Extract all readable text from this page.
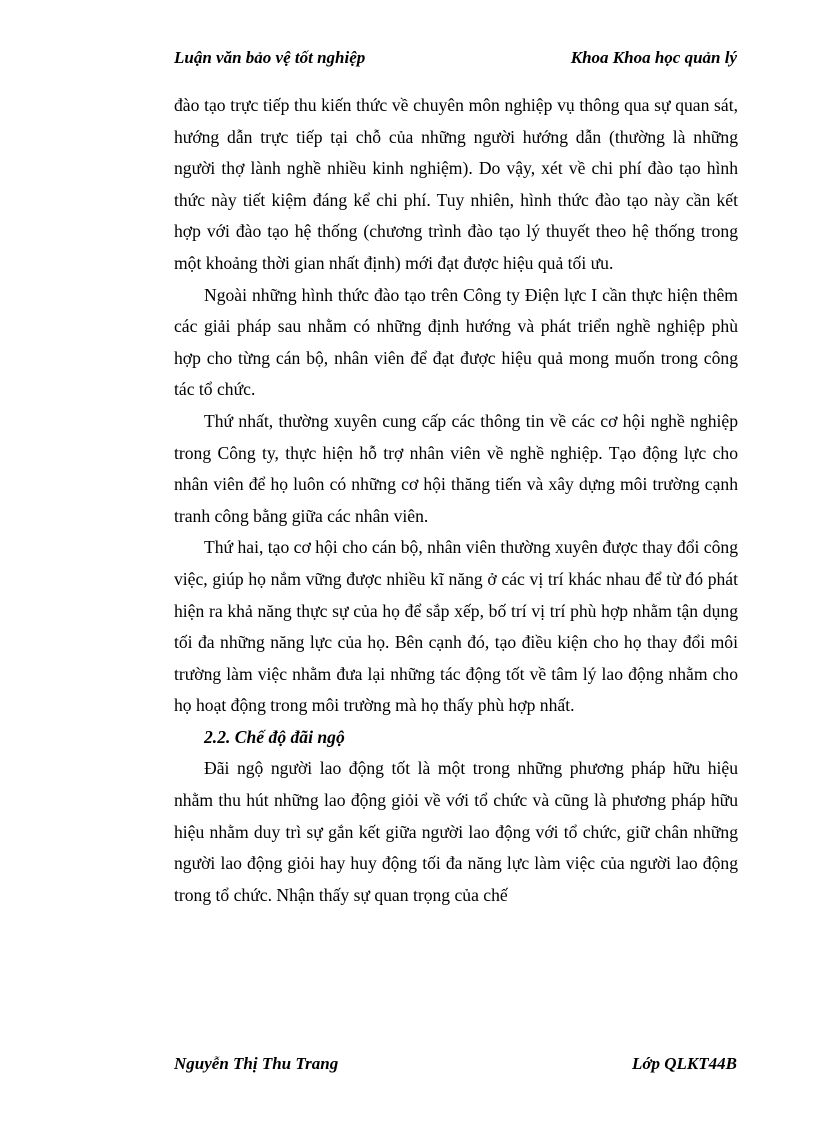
Luận văn bảo vệ tốt nghiệp	Khoa Khoa học quản lý

đào tạo trực tiếp thu kiến thức về chuyên môn nghiệp vụ thông qua sự quan sát, hướng dẫn trực tiếp tại chỗ của những người hướng dẫn (thường là những người thợ lành nghề nhiều kinh nghiệm). Do vậy, xét về chi phí đào tạo hình thức này tiết kiệm đáng kể chi phí. Tuy nhiên, hình thức đào tạo này cần kết hợp với đào tạo hệ thống (chương trình đào tạo lý thuyết theo hệ thống trong một khoảng thời gian nhất định) mới đạt được hiệu quả tối ưu.

Ngoài những hình thức đào tạo trên Công ty Điện lực I cần thực hiện thêm các giải pháp sau nhằm có những định hướng và phát triển nghề nghiệp phù hợp cho từng cán bộ, nhân viên để đạt được hiệu quả mong muốn trong công tác tổ chức.

Thứ nhất, thường xuyên cung cấp các thông tin về các cơ hội nghề nghiệp trong Công ty, thực hiện hỗ trợ nhân viên về nghề nghiệp. Tạo động lực cho nhân viên để họ luôn có những cơ hội thăng tiến và xây dựng môi trường cạnh tranh công bằng giữa các nhân viên.

Thứ hai, tạo cơ hội cho cán bộ, nhân viên thường xuyên được thay đổi công việc, giúp họ nắm vững được nhiều kĩ năng ở các vị trí khác nhau để từ đó phát hiện ra khả năng thực sự của họ để sắp xếp, bố trí vị trí phù hợp nhằm tận dụng tối đa những năng lực của họ. Bên cạnh đó, tạo điều kiện cho họ thay đổi môi trường làm việc nhằm đưa lại những tác động tốt về tâm lý lao động nhằm cho họ hoạt động trong môi trường mà họ thấy phù hợp nhất.

2.2. Chế độ đãi ngộ

Đãi ngộ người lao động tốt là một trong những phương pháp hữu hiệu nhằm thu hút những lao động giỏi về với tổ chức và cũng là phương pháp hữu hiệu nhằm duy trì sự gắn kết giữa người lao động với tổ chức, giữ chân những người lao động giỏi hay huy động tối đa năng lực làm việc của người lao động trong tổ chức. Nhận thấy sự quan trọng của chế

Nguyễn Thị Thu Trang	Lớp QLKT44B
